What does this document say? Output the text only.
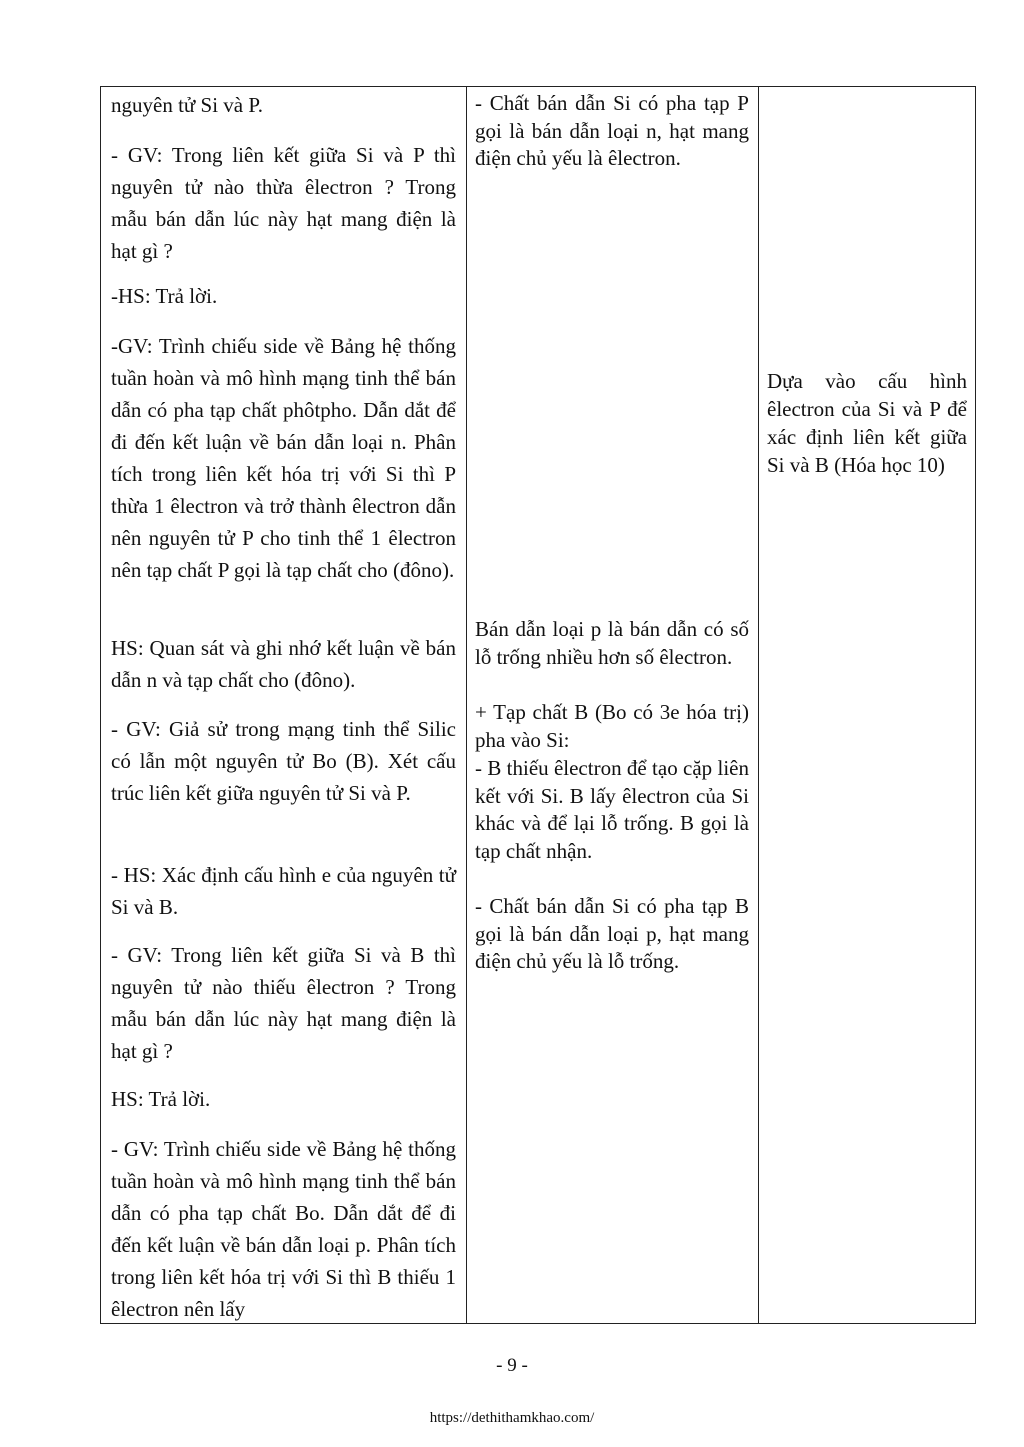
nguyên tử Si và P.

- GV: Trong liên kết giữa Si và P thì nguyên tử nào thừa êlectron ? Trong mẫu bán dẫn lúc này hạt mang điện là hạt gì ?

-HS: Trả lời.

-GV: Trình chiếu side về Bảng hệ thống tuần hoàn và mô hình mạng tinh thể bán dẫn có pha tạp chất phôtpho. Dẫn dắt để đi đến kết luận về bán dẫn loại n. Phân tích trong liên kết hóa trị với Si thì P thừa 1 êlectron và trở thành êlectron dẫn nên nguyên tử P cho tinh thể 1 êlectron nên tạp chất P gọi là tạp chất cho (đôno).

HS: Quan sát và ghi nhớ kết luận về bán dẫn n và tạp chất cho (đôno).

- GV: Giả sử trong mạng tinh thể Silic có lẫn một nguyên tử Bo (B). Xét cấu trúc liên kết giữa nguyên tử Si và P.

- HS: Xác định cấu hình e của nguyên tử Si và B.

- GV: Trong liên kết giữa Si và B thì nguyên tử nào thiếu êlectron ? Trong mẫu bán dẫn lúc này hạt mang điện là hạt gì ?

HS: Trả lời.

- GV: Trình chiếu side về Bảng hệ thống tuần hoàn và mô hình mạng tinh thể bán dẫn có pha tạp chất Bo. Dẫn dắt để đi đến kết luận về bán dẫn loại p. Phân tích trong liên kết hóa trị với Si thì B thiếu 1 êlectron nên lấy

- Chất bán dẫn Si có pha tạp P gọi là bán dẫn loại n, hạt mang điện chủ yếu là êlectron.

Bán dẫn loại p là bán dẫn có số lỗ trống nhiều hơn số êlectron.

+ Tạp chất B (Bo có 3e hóa trị) pha vào Si:

- B thiếu êlectron để tạo cặp liên kết với Si. B lấy êlectron của Si khác và để lại lỗ trống. B gọi là tạp chất nhận.

- Chất bán dẫn Si có pha tạp B gọi là bán dẫn loại p, hạt mang điện chủ yếu là lỗ trống.

Dựa vào cấu hình êlectron của Si và P để xác định liên kết giữa Si và B (Hóa học 10)

- 9 -
https://dethithamkhao.com/
